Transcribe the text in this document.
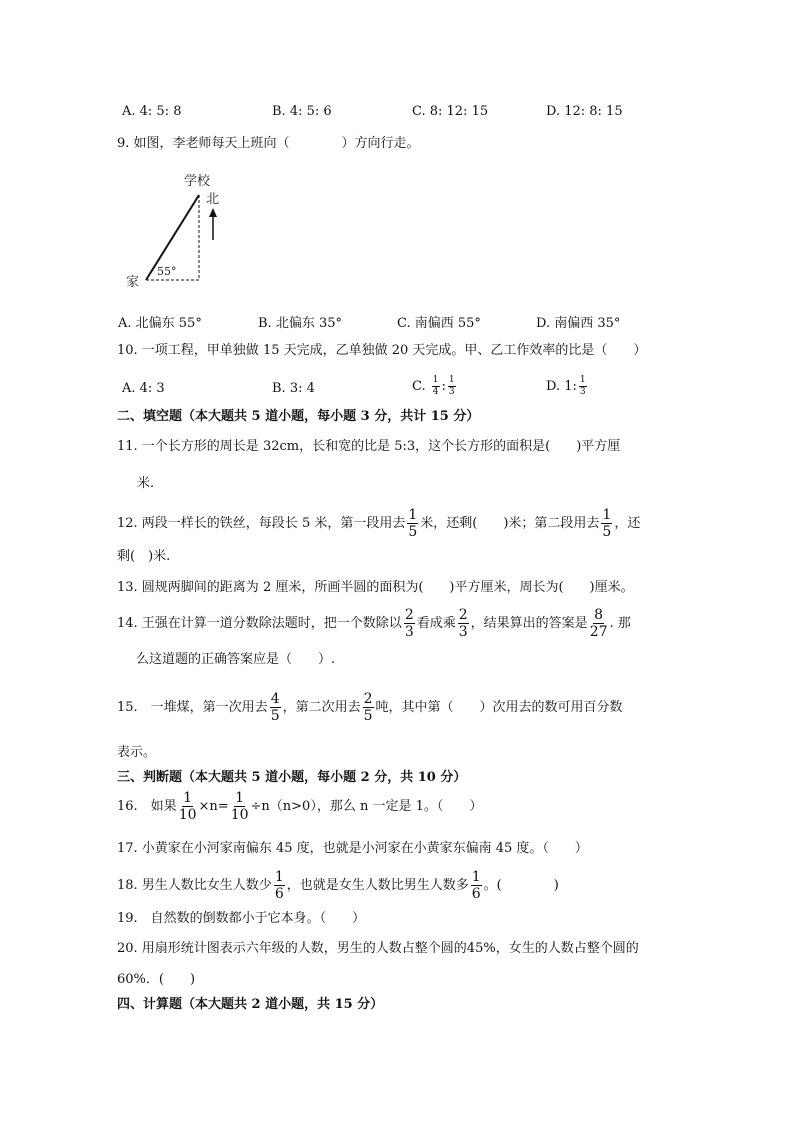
A. 4: 5: 8	B. 4: 5: 6	C. 8: 12: 15	D. 12: 8: 15
9. 如图，李老师每天上班向（　　　　）方向行走。
学校
北
55°
家
A. 北偏东 55°	B. 北偏东 35°	C. 南偏西 55°	D. 南偏西 35°
10. 一项工程，甲单独做 15 天完成，乙单独做 20 天完成。甲、乙工作效率的比是（　　）
A. 4: 3	B. 3: 4	C. $\frac{1}{4}$ : $\frac{1}{3}$	D. 1: $\frac{1}{3}$
二、填空题（本大题共 5 道小题，每小题 3 分，共计 15 分）
11. 一个长方形的周长是 32cm，长和宽的比是 5:3，这个长方形的面积是(　　)平方厘
米.
12. 两段一样长的铁丝，每段长 5 米，第一段用去 $\frac{1}{5}$ 米，还剩(　　)米；第二段用去 $\frac{1}{5}$ ，还
剩(　)米.
13. 圆规两脚间的距离为 2 厘米，所画半圆的面积为(　　)平方厘米，周长为(　　)厘米。
14. 王强在计算一道分数除法题时，把一个数除以 $\frac{2}{3}$ 看成乘 $\frac{2}{3}$ ，结果算出的答案是 $\frac{8}{27}$ . 那
么这道题的正确答案应是（　　）.
15.　一堆煤，第一次用去 $\frac{4}{5}$ ，第二次用去 $\frac{2}{5}$ 吨，其中第（　　）次用去的数可用百分数
表示。
三、判断题（本大题共 5 道小题，每小题 2 分，共 10 分）
16.　如果 $\frac{1}{10} \times n= \frac{1}{10} \div n(n>0)$，那么 n 一定是 1。（　　）
17. 小黄家在小河家南偏东 45 度，也就是小河家在小黄家东偏南 45 度。（　　）
18. 男生人数比女生人数少 $\frac{1}{6}$ ，也就是女生人数比男生人数多 $\frac{1}{6}$ 。(　　　　)
19.　自然数的倒数都小于它本身。（　　）
20. 用扇形统计图表示六年级的人数，男生的人数占整个圆的45%，女生的人数占整个圆的
60%．(　　)
四、计算题（本大题共 2 道小题，共 15 分）
